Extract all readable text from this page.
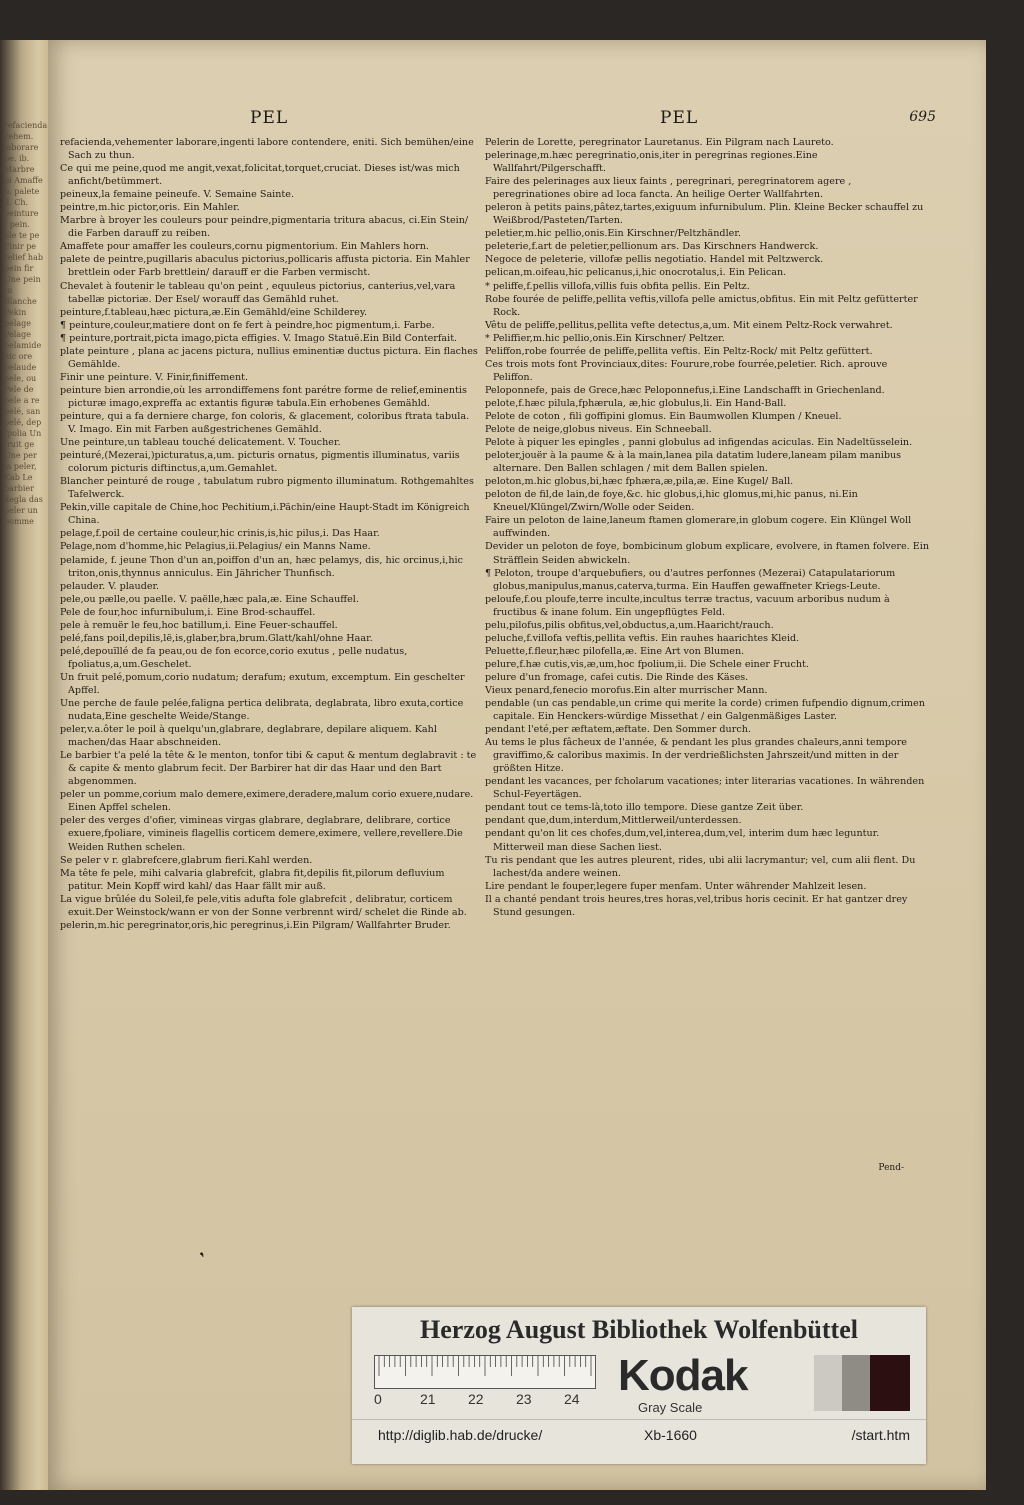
refacienda vehem. laborare pe. ib. Marbre pi Amaffe b. palete d. Ch. peinture J pein. ple te pe Finir pe relief hab pein fir Une pein tu Blanche Pekin pelage Pelage pelamide hic ore pelaude pele, ou Pele de pele a re pelé, san pelé, dep fpolia Un fruit ge Une per la peler, Kab Le barbier degla das peler un pomme
PEL	PEL	695

refacienda,vehementer laborare,ingenti labore contendere, eniti. Sich bemühen/eine Sach zu thun.

Ce qui me peine,quod me angit,vexat,folicitat,torquet,cruciat. Dieses ist/was mich anficht/betümmert.

peineux,la femaine peineufe. V. Semaine Sainte.

peintre,m.hic pictor,oris. Ein Mahler.

Marbre à broyer les couleurs pour peindre,pigmentaria tritura abacus, ci.Ein Stein/ die Farben darauff zu reiben.

Amaffete pour amaffer les couleurs,cornu pigmentorium. Ein Mahlers horn.

palete de peintre,pugillaris abaculus pictorius,pollicaris affusta pictoria. Ein Mahler brettlein oder Farb brettlein/ darauff er die Farben vermischt.

Chevalet à foutenir le tableau qu'on peint , equuleus pictorius, canterius,vel,vara tabellæ pictoriæ. Der Esel/ worauff das Gemähld ruhet.

peinture,f.tableau,hæc pictura,æ.Ein Gemähld/eine Schilderey.

¶ peinture,couleur,matiere dont on fe fert à peindre,hoc pigmentum,i. Farbe.

¶ peinture,portrait,picta imago,picta effigies. V. Imago Statuë.Ein Bild Conterfait.

plate peinture , plana ac jacens pictura, nullius eminentiæ ductus pictura. Ein flaches Gemählde.

Finir une peinture. V. Finir,finiffement.

peinture bien arrondie,où les arrondiffemens font parétre forme de relief,eminentis picturæ imago,expreffa ac extantis figuræ tabula.Ein erhobenes Gemähld.

peinture, qui a fa derniere charge, fon coloris, & glacement, coloribus ftrata tabula. V. Imago. Ein mit Farben außgestrichenes Gemähld.

Une peinture,un tableau touché delicatement. V. Toucher.

peinturé,(Mezerai,)picturatus,a,um. picturis ornatus, pigmentis illuminatus, variis colorum picturis diftinctus,a,um.Gemahlet.

Blancher peinturé de rouge , tabulatum rubro pigmento illuminatum. Rothgemahltes Tafelwerck.

Pekin,ville capitale de Chine,hoc Pechitium,i.Pächin/eine Haupt-Stadt im Königreich China.

pelage,f.poil de certaine couleur,hic crinis,is,hic pilus,i. Das Haar.

Pelage,nom d'homme,hic Pelagius,ii.Pelagius/ ein Manns Name.

pelamide, f. jeune Thon d'un an,poiffon d'un an, hæc pelamys, dis, hic orcinus,i,hic triton,onis,thynnus anniculus. Ein Jähricher Thunfisch.

pelauder. V. plauder.

pele,ou pælle,ou paelle. V. paëlle,hæc pala,æ. Eine Schauffel.

Pele de four,hoc infurnibulum,i. Eine Brod-schauffel.

pele à remuër le feu,hoc batillum,i. Eine Feuer-schauffel.

pelé,fans poil,depilis,lë,is,glaber,bra,brum.Glatt/kahl/ohne Haar.

pelé,depouïllé de fa peau,ou de fon ecorce,corio exutus , pelle nudatus, fpoliatus,a,um.Geschelet.

Un fruit pelé,pomum,corio nudatum; derafum; exutum, excemptum. Ein geschelter Apffel.

Une perche de faule pelée,faligna pertica delibrata, deglabrata, libro exuta,cortice nudata,Eine geschelte Weide/Stange.

peler,v.a.ôter le poil à quelqu'un,glabrare, deglabrare, depilare aliquem. Kahl machen/das Haar abschneiden.

Le barbier t'a pelé la tête & le menton, tonfor tibi & caput & mentum deglabravit : te & capite & mento glabrum fecit. Der Barbirer hat dir das Haar und den Bart abgenommen.

peler un pomme,corium malo demere,eximere,deradere,malum corio exuere,nudare. Einen Apffel schelen.

peler des verges d'ofier, vimineas virgas glabrare, deglabrare, delibrare, cortice exuere,fpoliare, vimineis flagellis corticem demere,eximere, vellere,revellere.Die Weiden Ruthen schelen.

Se peler v r. glabrefcere,glabrum fieri.Kahl werden.

Ma tête fe pele, mihi calvaria glabrefcit, glabra fit,depilis fit,pilorum defluvium patitur. Mein Kopff wird kahl/ das Haar fällt mir auß.

La vigue brûlée du Soleil,fe pele,vitis adufta fole glabrefcit , delibratur, corticem exuit.Der Weinstock/wann er von der Sonne verbrennt wird/ schelet die Rinde ab.

pelerin,m.hic peregrinator,oris,hic peregrinus,i.Ein Pilgram/ Wallfahrter Bruder.

Pelerin de Lorette, peregrinator Lauretanus. Ein Pilgram nach Laureto.

pelerinage,m.hæc peregrinatio,onis,iter in peregrinas regiones.Eine Wallfahrt/Pilgerschafft.

Faire des pelerinages aux lieux faints , peregrinari, peregrinatorem agere , peregrinationes obire ad loca fancta. An heilige Oerter Wallfahrten.

peleron à petits pains,pâtez,tartes,exiguum infurnibulum. Plin. Kleine Becker schauffel zu Weißbrod/Pasteten/Tarten.

peletier,m.hic pellio,onis.Ein Kirschner/Peltzhändler.

peleterie,f.art de peletier,pellionum ars. Das Kirschners Handwerck.

Negoce de peleterie, villofæ pellis negotiatio. Handel mit Peltzwerck.

pelican,m.oifeau,hic pelicanus,i,hic onocrotalus,i. Ein Pelican.

* peliffe,f.pellis villofa,villis fuis obfita pellis. Ein Peltz.

Robe fourée de peliffe,pellita veftis,villofa pelle amictus,obfitus. Ein mit Peltz gefütterter Rock.

Vêtu de peliffe,pellitus,pellita vefte detectus,a,um. Mit einem Peltz-Rock verwahret.

* Peliffier,m.hic pellio,onis.Ein Kirschner/ Peltzer.

Peliffon,robe fourrée de peliffe,pellita veftis. Ein Peltz-Rock/ mit Peltz gefüttert.

Ces trois mots font Provinciaux,dites: Fourure,robe fourrée,peletier. Rich. aprouve Peliffon.

Peloponnefe, pais de Grece,hæc Peloponnefus,i.Eine Landschafft in Griechenland.

pelote,f.hæc pilula,fphærula, æ,hic globulus,li. Ein Hand-Ball.

Pelote de coton , fili goffipini glomus. Ein Baumwollen Klumpen / Kneuel.

Pelote de neige,globus niveus. Ein Schneeball.

Pelote à piquer les epingles , panni globulus ad infigendas aciculas. Ein Nadeltüsselein.

peloter,jouër à la paume & à la main,lanea pila datatim ludere,laneam pilam manibus alternare. Den Ballen schlagen / mit dem Ballen spielen.

peloton,m.hic globus,bi,hæc fphæra,æ,pila,æ. Eine Kugel/ Ball.

peloton de fil,de lain,de foye,&c. hic globus,i,hic glomus,mi,hic panus, ni.Ein Kneuel/Klüngel/Zwirn/Wolle oder Seiden.

Faire un peloton de laine,laneum ftamen glomerare,in globum cogere. Ein Klüngel Woll auffwinden.

Devider un peloton de foye, bombicinum globum explicare, evolvere, in ftamen folvere. Ein Sträfflein Seiden abwickeln.

¶ Peloton, troupe d'arquebufiers, ou d'autres perfonnes (Mezerai) Catapulatariorum globus,manipulus,manus,caterva,turma. Ein Hauffen gewaffneter Kriegs-Leute.

peloufe,f.ou ploufe,terre inculte,incultus terræ tractus, vacuum arboribus nudum à fructibus & inane folum. Ein ungepflügtes Feld.

pelu,pilofus,pilis obfitus,vel,obductus,a,um.Haaricht/rauch.

peluche,f.villofa veftis,pellita veftis. Ein rauhes haarichtes Kleid.

Peluette,f.fleur,hæc pilofella,æ. Eine Art von Blumen.

pelure,f.hæ cutis,vis,æ,um,hoc fpolium,ii. Die Schele einer Frucht.

pelure d'un fromage, cafei cutis. Die Rinde des Käses.

Vieux penard,fenecio morofus.Ein alter murrischer Mann.

pendable (un cas pendable,un crime qui merite la corde) crimen fufpendio dignum,crimen capitale. Ein Henckers-würdige Missethat / ein Galgenmäßiges Laster.

pendant l'eté,per æftatem,æftate. Den Sommer durch.

Au tems le plus fâcheux de l'année, & pendant les plus grandes chaleurs,anni tempore graviffimo,& caloribus maximis. In der verdrießlichsten Jahrszeit/und mitten in der größten Hitze.

pendant les vacances, per fcholarum vacationes; inter literarias vacationes. In währenden Schul-Feyertägen.

pendant tout ce tems-là,toto illo tempore. Diese gantze Zeit über.

pendant que,dum,interdum,Mittlerweil/unterdessen.

pendant qu'on lit ces chofes,dum,vel,interea,dum,vel, interim dum hæc leguntur. Mitterweil man diese Sachen liest.

Tu ris pendant que les autres pleurent, rides, ubi alii lacrymantur; vel, cum alii flent. Du lachest/da andere weinen.

Lire pendant le fouper,legere fuper menfam. Unter währender Mahlzeit lesen.

Il a chanté pendant trois heures,tres horas,vel,tribus horis cecinit. Er hat gantzer drey Stund gesungen.

Pend-
❜
Herzog August Bibliothek Wolfenbüttel
0	21 22 23 24 Kodak
Gray Scale
http://diglib.hab.de/drucke/	Xb-1660	/start.htm
